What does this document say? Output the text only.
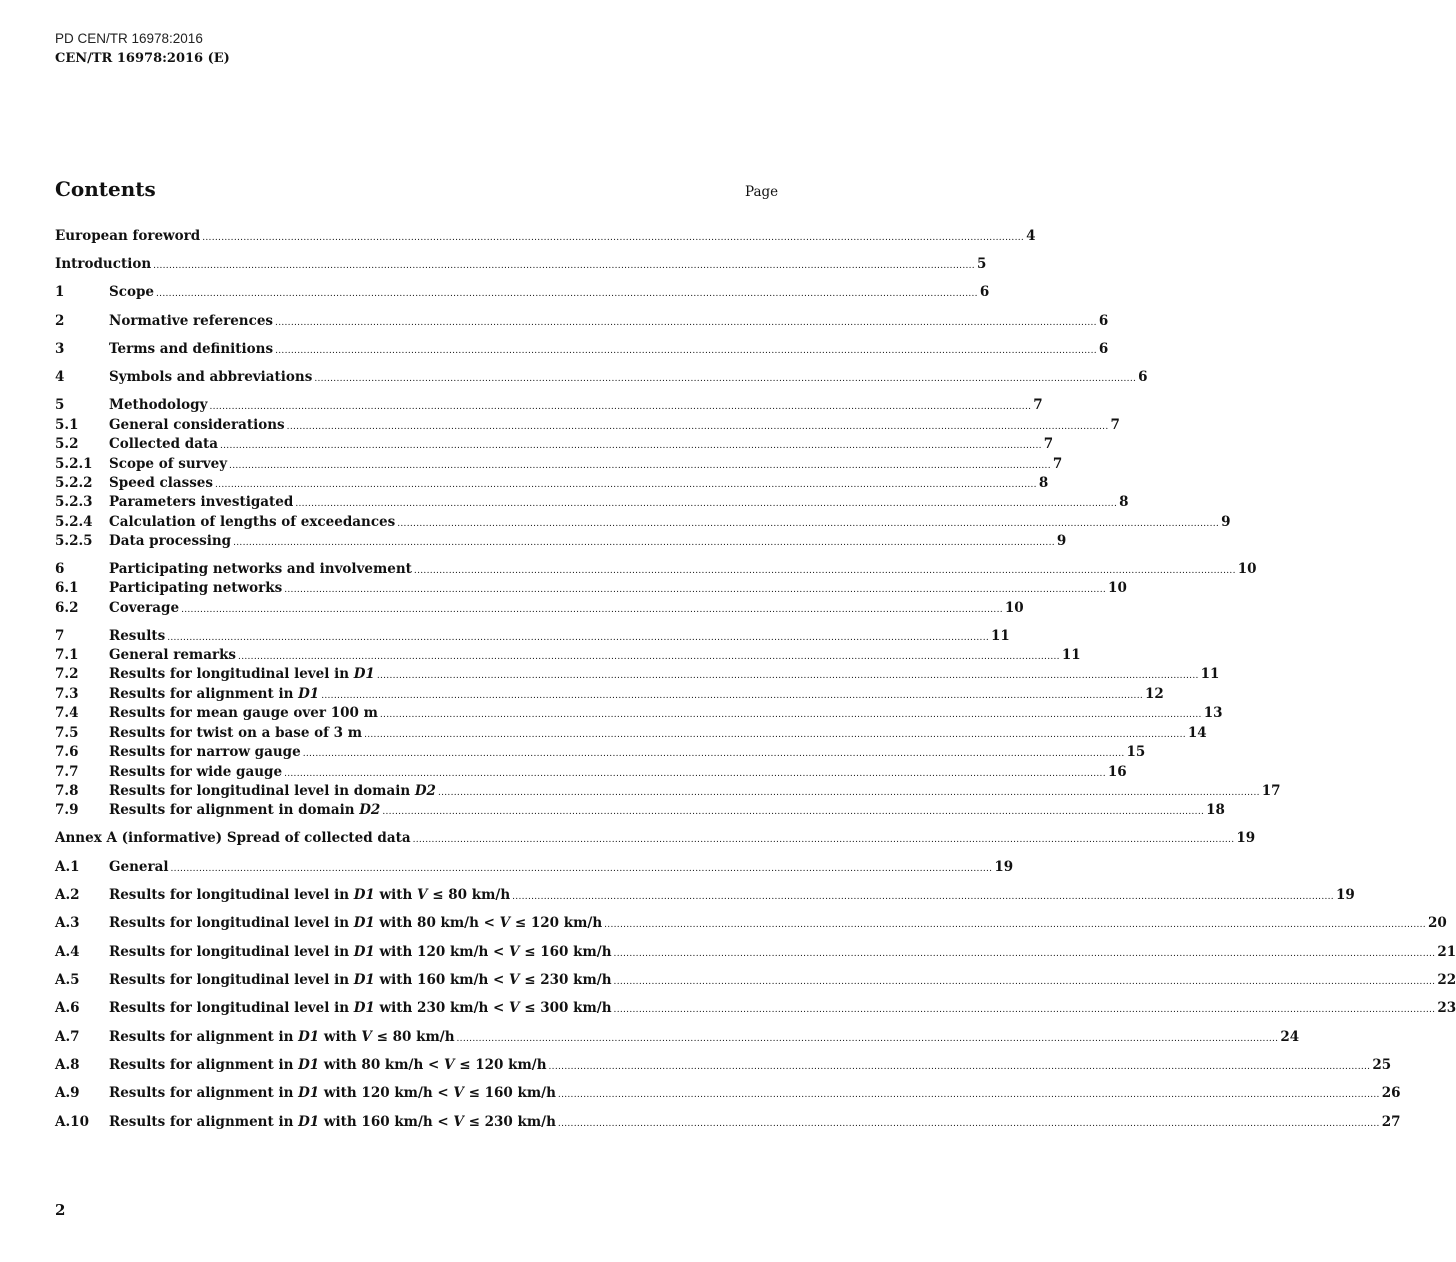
PD CEN/TR 16978:2016
CEN/TR 16978:2016 (E)
Contents	Page
European foreword .................................................................................................................................................................................................................................................................... 4
Introduction .................................................................................................................................................................................................................................................................... 5
1	Scope .................................................................................................................................................................................................................................................................... 6
2	Normative references .................................................................................................................................................................................................................................................................... 6
3	Terms and definitions .................................................................................................................................................................................................................................................................... 6
4	Symbols and abbreviations .................................................................................................................................................................................................................................................................... 6
5	Methodology .................................................................................................................................................................................................................................................................... 7
5.1	General considerations .................................................................................................................................................................................................................................................................... 7
5.2	Collected data .................................................................................................................................................................................................................................................................... 7
5.2.1	Scope of survey .................................................................................................................................................................................................................................................................... 7
5.2.2	Speed classes .................................................................................................................................................................................................................................................................... 8
5.2.3	Parameters investigated .................................................................................................................................................................................................................................................................... 8
5.2.4	Calculation of lengths of exceedances .................................................................................................................................................................................................................................................................... 9
5.2.5	Data processing .................................................................................................................................................................................................................................................................... 9
6	Participating networks and involvement .................................................................................................................................................................................................................................................................... 10
6.1	Participating networks .................................................................................................................................................................................................................................................................... 10
6.2	Coverage .................................................................................................................................................................................................................................................................... 10
7	Results .................................................................................................................................................................................................................................................................... 11
7.1	General remarks .................................................................................................................................................................................................................................................................... 11
7.2	Results for longitudinal level in D1 .................................................................................................................................................................................................................................................................... 11
7.3	Results for alignment in D1 .................................................................................................................................................................................................................................................................... 12
7.4	Results for mean gauge over 100 m .................................................................................................................................................................................................................................................................... 13
7.5	Results for twist on a base of 3 m .................................................................................................................................................................................................................................................................... 14
7.6	Results for narrow gauge .................................................................................................................................................................................................................................................................... 15
7.7	Results for wide gauge .................................................................................................................................................................................................................................................................... 16
7.8	Results for longitudinal level in domain D2 .................................................................................................................................................................................................................................................................... 17
7.9	Results for alignment in domain D2 .................................................................................................................................................................................................................................................................... 18
Annex A (informative) Spread of collected data .................................................................................................................................................................................................................................................................... 19
A.1	General .................................................................................................................................................................................................................................................................... 19
A.2	Results for longitudinal level in D1 with V ≤ 80 km/h .................................................................................................................................................................................................................................................................... 19
A.3	Results for longitudinal level in D1 with 80 km/h < V ≤ 120 km/h .................................................................................................................................................................................................................................................................... 20
A.4	Results for longitudinal level in D1 with 120 km/h < V ≤ 160 km/h .................................................................................................................................................................................................................................................................... 21
A.5	Results for longitudinal level in D1 with 160 km/h < V ≤ 230 km/h .................................................................................................................................................................................................................................................................... 22
A.6	Results for longitudinal level in D1 with 230 km/h < V ≤ 300 km/h .................................................................................................................................................................................................................................................................... 23
A.7	Results for alignment in D1 with V ≤ 80 km/h .................................................................................................................................................................................................................................................................... 24
A.8	Results for alignment in D1 with 80 km/h < V ≤ 120 km/h .................................................................................................................................................................................................................................................................... 25
A.9	Results for alignment in D1 with 120 km/h < V ≤ 160 km/h .................................................................................................................................................................................................................................................................... 26
A.10	Results for alignment in D1 with 160 km/h < V ≤ 230 km/h .................................................................................................................................................................................................................................................................... 27
2
